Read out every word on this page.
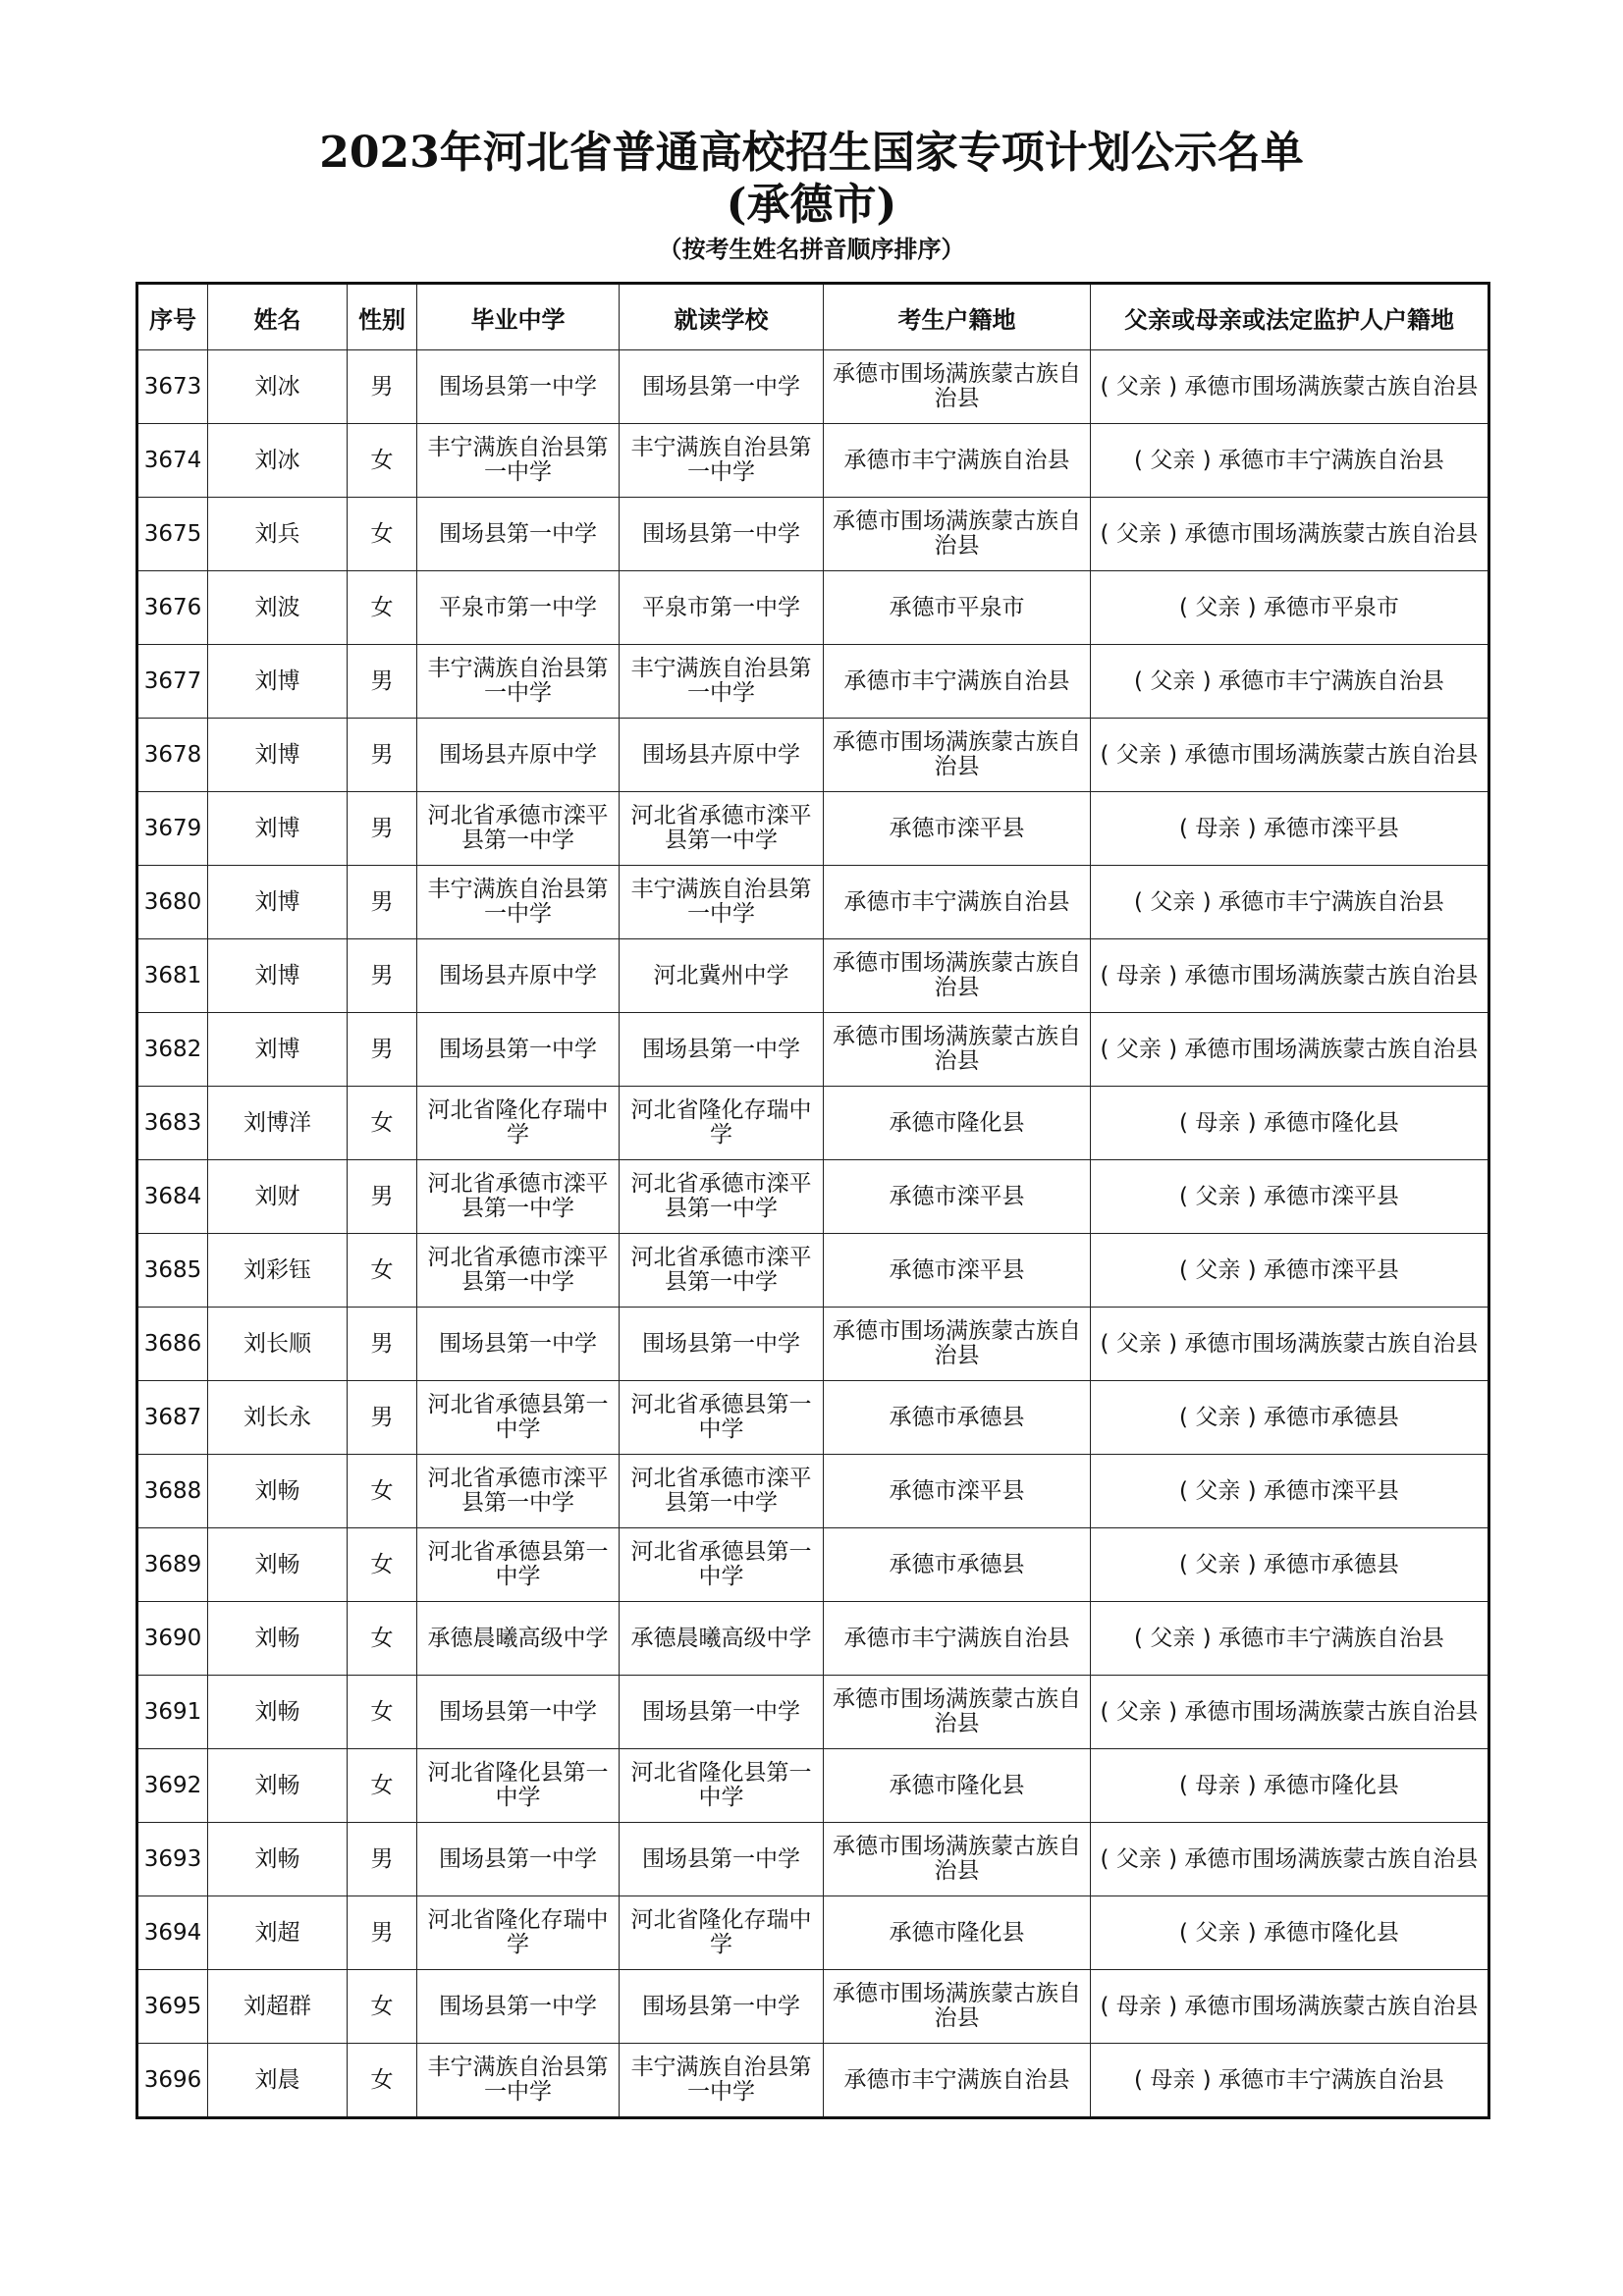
2023年河北省普通高校招生国家专项计划公示名单
(承德市)
（按考生姓名拼音顺序排序）
序号	姓名	性别	毕业中学	就读学校	考生户籍地	父亲或母亲或法定监护人户籍地
3673	刘冰	男	围场县第一中学	围场县第一中学	承德市围场满族蒙古族自治县	( 父亲 ) 承德市围场满族蒙古族自治县
3674	刘冰	女	丰宁满族自治县第一中学	丰宁满族自治县第一中学	承德市丰宁满族自治县	( 父亲 ) 承德市丰宁满族自治县
3675	刘兵	女	围场县第一中学	围场县第一中学	承德市围场满族蒙古族自治县	( 父亲 ) 承德市围场满族蒙古族自治县
3676	刘波	女	平泉市第一中学	平泉市第一中学	承德市平泉市	( 父亲 ) 承德市平泉市
3677	刘博	男	丰宁满族自治县第一中学	丰宁满族自治县第一中学	承德市丰宁满族自治县	( 父亲 ) 承德市丰宁满族自治县
3678	刘博	男	围场县卉原中学	围场县卉原中学	承德市围场满族蒙古族自治县	( 父亲 ) 承德市围场满族蒙古族自治县
3679	刘博	男	河北省承德市滦平县第一中学	河北省承德市滦平县第一中学	承德市滦平县	( 母亲 ) 承德市滦平县
3680	刘博	男	丰宁满族自治县第一中学	丰宁满族自治县第一中学	承德市丰宁满族自治县	( 父亲 ) 承德市丰宁满族自治县
3681	刘博	男	围场县卉原中学	河北冀州中学	承德市围场满族蒙古族自治县	( 母亲 ) 承德市围场满族蒙古族自治县
3682	刘博	男	围场县第一中学	围场县第一中学	承德市围场满族蒙古族自治县	( 父亲 ) 承德市围场满族蒙古族自治县
3683	刘博洋	女	河北省隆化存瑞中学	河北省隆化存瑞中学	承德市隆化县	( 母亲 ) 承德市隆化县
3684	刘财	男	河北省承德市滦平县第一中学	河北省承德市滦平县第一中学	承德市滦平县	( 父亲 ) 承德市滦平县
3685	刘彩钰	女	河北省承德市滦平县第一中学	河北省承德市滦平县第一中学	承德市滦平县	( 父亲 ) 承德市滦平县
3686	刘长顺	男	围场县第一中学	围场县第一中学	承德市围场满族蒙古族自治县	( 父亲 ) 承德市围场满族蒙古族自治县
3687	刘长永	男	河北省承德县第一中学	河北省承德县第一中学	承德市承德县	( 父亲 ) 承德市承德县
3688	刘畅	女	河北省承德市滦平县第一中学	河北省承德市滦平县第一中学	承德市滦平县	( 父亲 ) 承德市滦平县
3689	刘畅	女	河北省承德县第一中学	河北省承德县第一中学	承德市承德县	( 父亲 ) 承德市承德县
3690	刘畅	女	承德晨曦高级中学	承德晨曦高级中学	承德市丰宁满族自治县	( 父亲 ) 承德市丰宁满族自治县
3691	刘畅	女	围场县第一中学	围场县第一中学	承德市围场满族蒙古族自治县	( 父亲 ) 承德市围场满族蒙古族自治县
3692	刘畅	女	河北省隆化县第一中学	河北省隆化县第一中学	承德市隆化县	( 母亲 ) 承德市隆化县
3693	刘畅	男	围场县第一中学	围场县第一中学	承德市围场满族蒙古族自治县	( 父亲 ) 承德市围场满族蒙古族自治县
3694	刘超	男	河北省隆化存瑞中学	河北省隆化存瑞中学	承德市隆化县	( 父亲 ) 承德市隆化县
3695	刘超群	女	围场县第一中学	围场县第一中学	承德市围场满族蒙古族自治县	( 母亲 ) 承德市围场满族蒙古族自治县
3696	刘晨	女	丰宁满族自治县第一中学	丰宁满族自治县第一中学	承德市丰宁满族自治县	( 母亲 ) 承德市丰宁满族自治县
